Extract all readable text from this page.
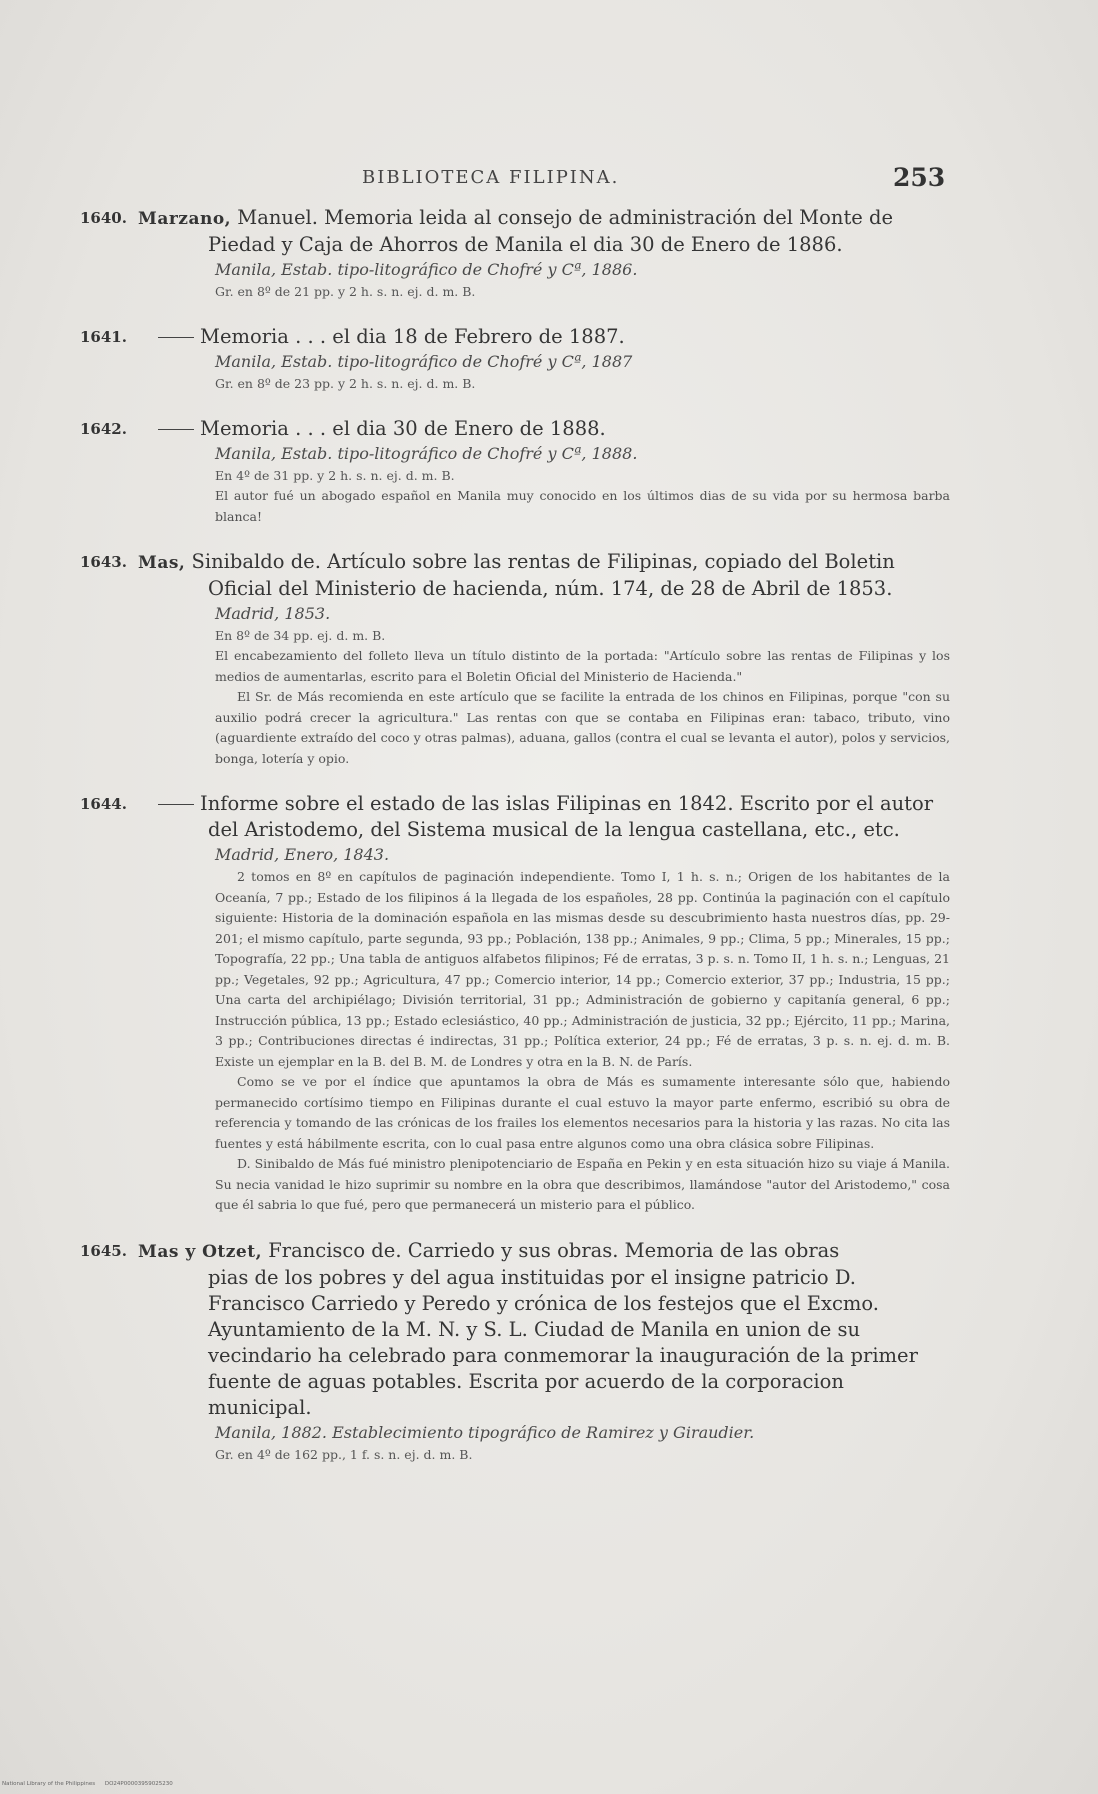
BIBLIOTECA FILIPINA.	253
1640. Marzano, Manuel. Memoria leida al consejo de administración del Monte de
Piedad y Caja de Ahorros de Manila el dia 30 de Enero de 1886.
Manila, Estab. tipo-litográfico de Chofré y Cª, 1886.
Gr. en 8º de 21 pp. y 2 h. s. n. ej. d. m. B.
1641.	Memoria . . . el dia 18 de Febrero de 1887.
Manila, Estab. tipo-litográfico de Chofré y Cª, 1887
Gr. en 8º de 23 pp. y 2 h. s. n. ej. d. m. B.
1642.	Memoria . . . el dia 30 de Enero de 1888.
Manila, Estab. tipo-litográfico de Chofré y Cª, 1888.
En 4º de 31 pp. y 2 h. s. n. ej. d. m. B.

El autor fué un abogado español en Manila muy conocido en los últimos dias de su vida por su hermosa barba blanca!

1643. Mas, Sinibaldo de. Artículo sobre las rentas de Filipinas, copiado del Boletin
Oficial del Ministerio de hacienda, núm. 174, de 28 de Abril de 1853.
Madrid, 1853.
En 8º de 34 pp. ej. d. m. B.

El encabezamiento del folleto lleva un título distinto de la portada: "Artículo sobre las rentas de Filipinas y los medios de aumentarlas, escrito para el Boletin Oficial del Ministerio de Hacienda."

El Sr. de Más recomienda en este artículo que se facilite la entrada de los chinos en Filipinas, porque "con su auxilio podrá crecer la agricultura." Las rentas con que se contaba en Filipinas eran: tabaco, tributo, vino (aguardiente extraído del coco y otras palmas), aduana, gallos (contra el cual se levanta el autor), polos y servicios, bonga, lotería y opio.

1644.	Informe sobre el estado de las islas Filipinas en 1842. Escrito por el autor
del Aristodemo, del Sistema musical de la lengua castellana, etc., etc.
Madrid, Enero, 1843.

2 tomos en 8º en capítulos de paginación independiente. Tomo I, 1 h. s. n.; Origen de los habitantes de la Oceanía, 7 pp.; Estado de los filipinos á la llegada de los españoles, 28 pp. Continúa la paginación con el capítulo siguiente: Historia de la dominación española en las mismas desde su descubrimiento hasta nuestros días, pp. 29-201; el mismo capítulo, parte segunda, 93 pp.; Población, 138 pp.; Animales, 9 pp.; Clima, 5 pp.; Minerales, 15 pp.; Topografía, 22 pp.; Una tabla de antiguos alfabetos filipinos; Fé de erratas, 3 p. s. n. Tomo II, 1 h. s. n.; Lenguas, 21 pp.; Vegetales, 92 pp.; Agricultura, 47 pp.; Comercio interior, 14 pp.; Comercio exterior, 37 pp.; Industria, 15 pp.; Una carta del archipiélago; División territorial, 31 pp.; Administración de gobierno y capitanía general, 6 pp.; Instrucción pública, 13 pp.; Estado eclesiástico, 40 pp.; Administración de justicia, 32 pp.; Ejército, 11 pp.; Marina, 3 pp.; Contribuciones directas é indirectas, 31 pp.; Política exterior, 24 pp.; Fé de erratas, 3 p. s. n. ej. d. m. B. Existe un ejemplar en la B. del B. M. de Londres y otra en la B. N. de París.

Como se ve por el índice que apuntamos la obra de Más es sumamente interesante sólo que, habiendo permanecido cortísimo tiempo en Filipinas durante el cual estuvo la mayor parte enfermo, escribió su obra de referencia y tomando de las crónicas de los frailes los elementos necesarios para la historia y las razas. No cita las fuentes y está hábilmente escrita, con lo cual pasa entre algunos como una obra clásica sobre Filipinas.

D. Sinibaldo de Más fué ministro plenipotenciario de España en Pekin y en esta situación hizo su viaje á Manila. Su necia vanidad le hizo suprimir su nombre en la obra que describimos, llamándose "autor del Aristodemo," cosa que él sabria lo que fué, pero que permanecerá un misterio para el público.

1645. Mas y Otzet, Francisco de. Carriedo y sus obras. Memoria de las obras
pias de los pobres y del agua instituidas por el insigne patricio D. Francisco Carriedo y Peredo y crónica de los festejos que el Excmo. Ayuntamiento de la M. N. y S. L. Ciudad de Manila en union de su vecindario ha celebrado para conmemorar la inauguración de la primer fuente de aguas potables. Escrita por acuerdo de la corporacion municipal.
Manila, 1882. Establecimiento tipográfico de Ramirez y Giraudier.
Gr. en 4º de 162 pp., 1 f. s. n. ej. d. m. B.
National Library of the Philippines DO24P00003959025230
